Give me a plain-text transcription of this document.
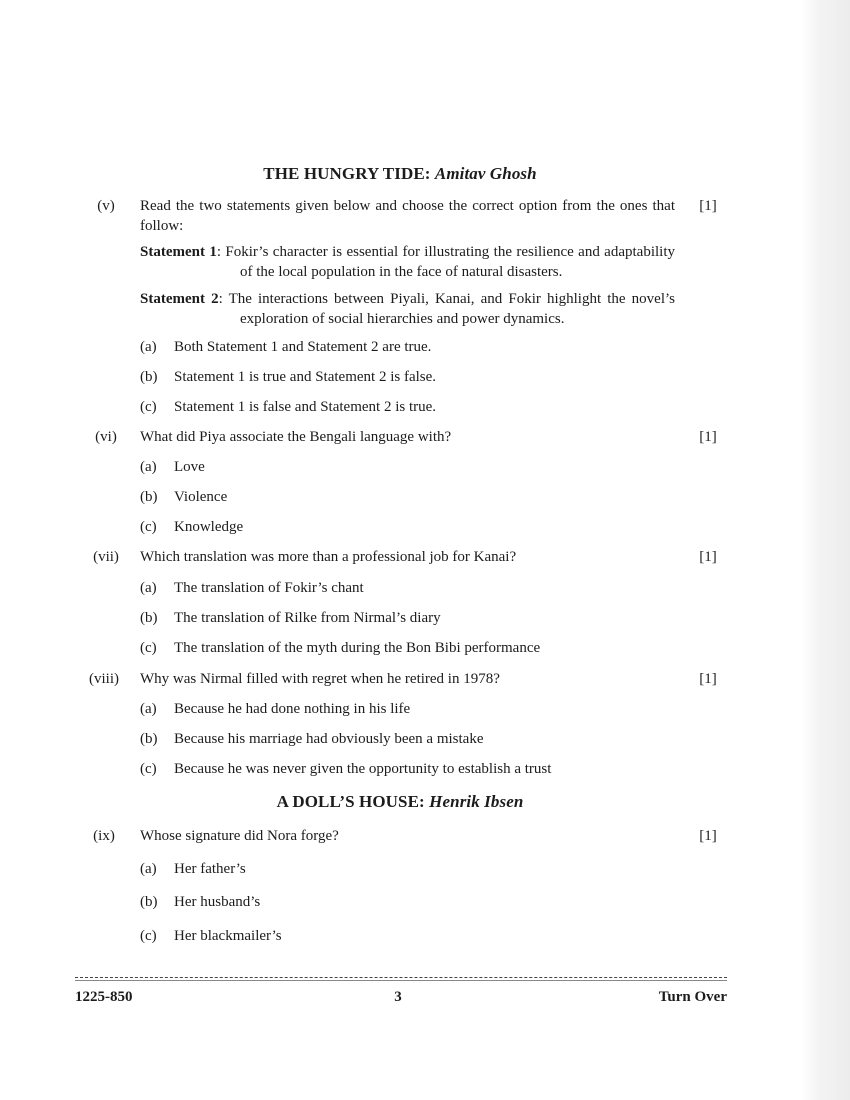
THE HUNGRY TIDE: Amitav Ghosh
(v)	Read the two statements given below and choose the correct option from the ones that follow:
[1]
Statement 1: Fokir’s character is essential for illustrating the resilience and adaptability of the local population in the face of natural disasters.
Statement 2: The interactions between Piyali, Kanai, and Fokir highlight the novel’s exploration of social hierarchies and power dynamics.
(a) Both Statement 1 and Statement 2 are true.
(b) Statement 1 is true and Statement 2 is false.
(c) Statement 1 is false and Statement 2 is true.
(vi)	What did Piya associate the Bengali language with?	[1]
(a) Love
(b) Violence
(c) Knowledge
(vii)	Which translation was more than a professional job for Kanai?	[1]
(a) The translation of Fokir’s chant
(b) The translation of Rilke from Nirmal’s diary
(c) The translation of the myth during the Bon Bibi performance
(viii)	Why was Nirmal filled with regret when he retired in 1978?	[1]
(a) Because he had done nothing in his life
(b) Because his marriage had obviously been a mistake
(c) Because he was never given the opportunity to establish a trust
A DOLL’S HOUSE: Henrik Ibsen
(ix)	Whose signature did Nora forge?	[1]
(a) Her father’s
(b) Her husband’s
(c) Her blackmailer’s
1225-850	3	Turn Over
